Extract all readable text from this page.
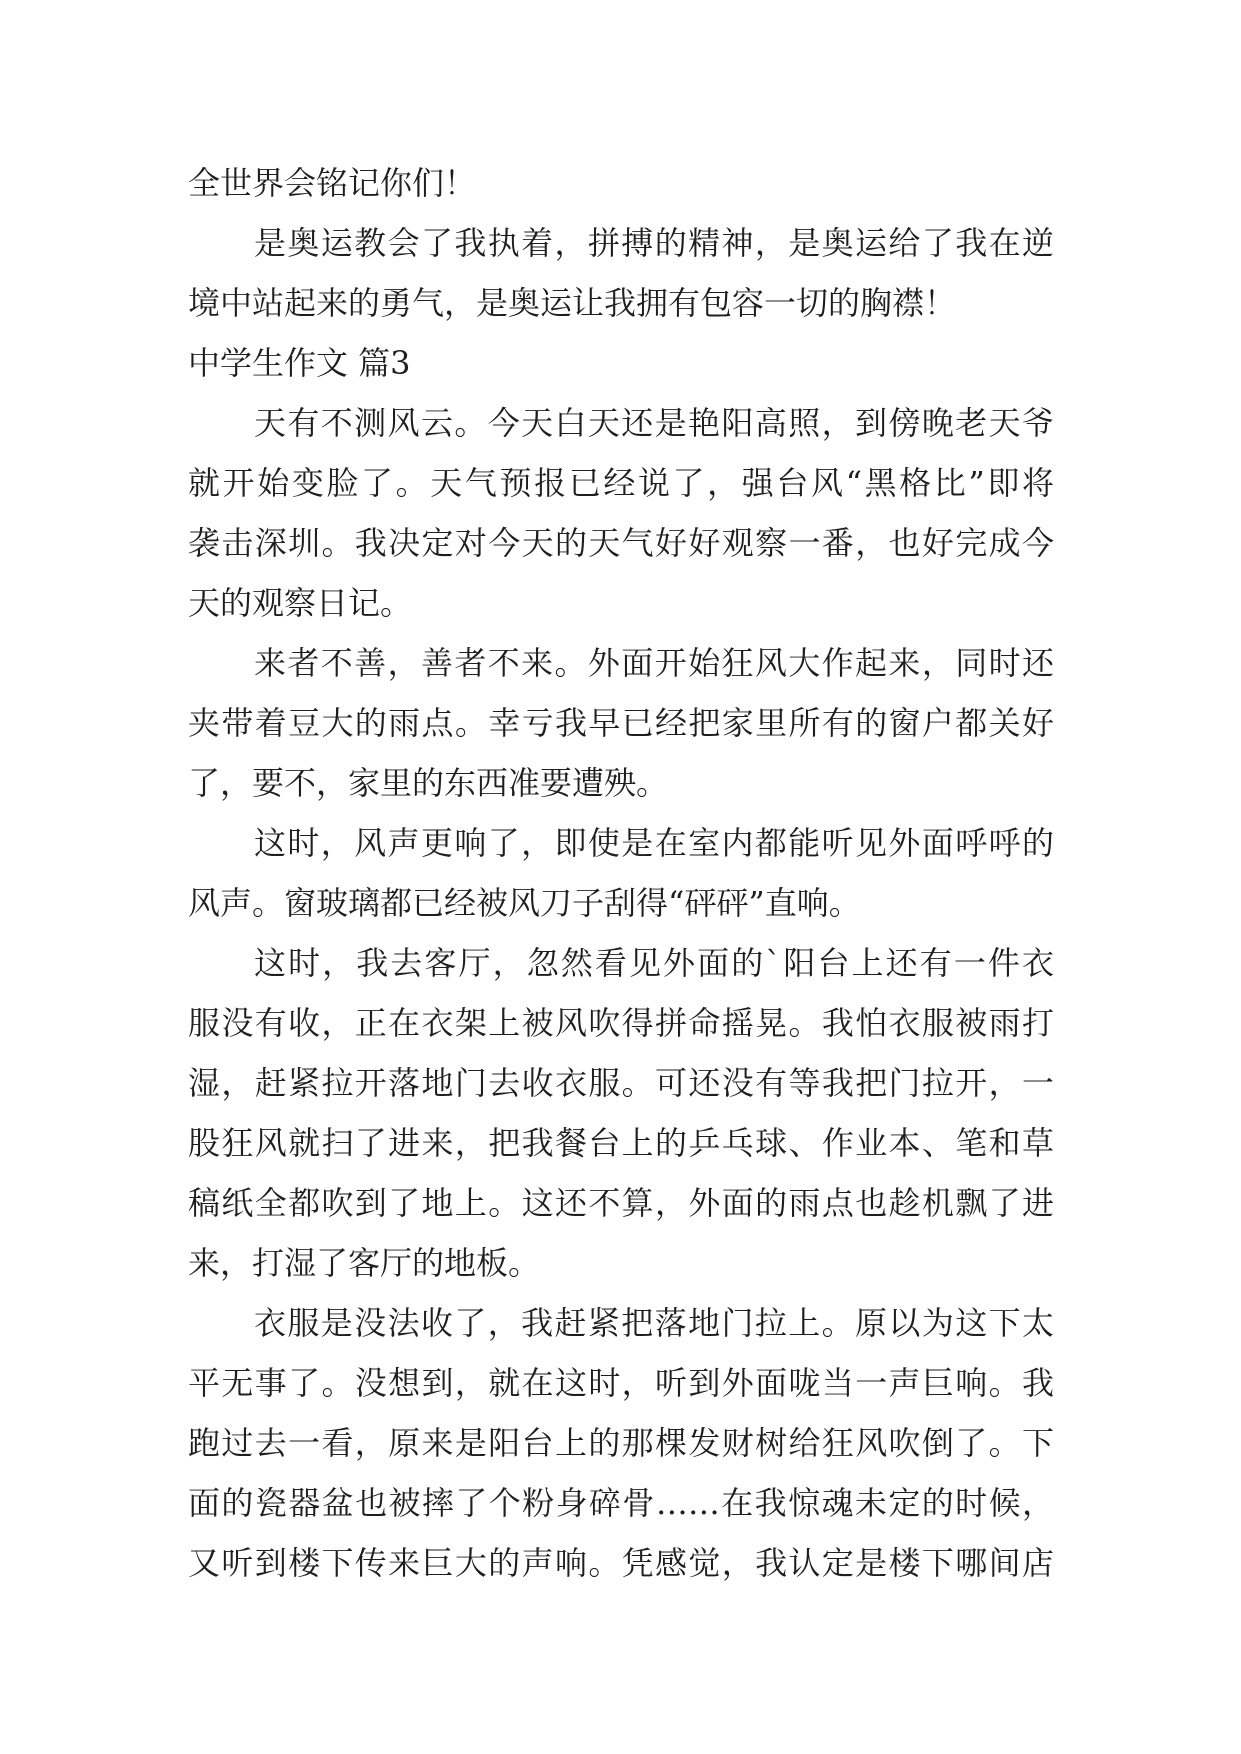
全世界会铭记你们！
是奥运教会了我执着，拼搏的精神，是奥运给了我在逆
境中站起来的勇气，是奥运让我拥有包容一切的胸襟！
中学生作文 篇3
天有不测风云。今天白天还是艳阳高照，到傍晚老天爷
就开始变脸了。天气预报已经说了，强台风“黑格比”即将
袭击深圳。我决定对今天的天气好好观察一番，也好完成今
天的观察日记。
来者不善，善者不来。外面开始狂风大作起来，同时还
夹带着豆大的雨点。幸亏我早已经把家里所有的窗户都关好
了，要不，家里的东西准要遭殃。
这时，风声更响了，即使是在室内都能听见外面呼呼的
风声。窗玻璃都已经被风刀子刮得“砰砰”直响。
这时，我去客厅，忽然看见外面的`阳台上还有一件衣
服没有收，正在衣架上被风吹得拼命摇晃。我怕衣服被雨打
湿，赶紧拉开落地门去收衣服。可还没有等我把门拉开，一
股狂风就扫了进来，把我餐台上的乒乓球、作业本、笔和草
稿纸全都吹到了地上。这还不算，外面的雨点也趁机飘了进
来，打湿了客厅的地板。
衣服是没法收了，我赶紧把落地门拉上。原以为这下太
平无事了。没想到，就在这时，听到外面咙当一声巨响。我
跑过去一看，原来是阳台上的那棵发财树给狂风吹倒了。下
面的瓷器盆也被摔了个粉身碎骨……在我惊魂未定的时候，
又听到楼下传来巨大的声响。凭感觉，我认定是楼下哪间店
